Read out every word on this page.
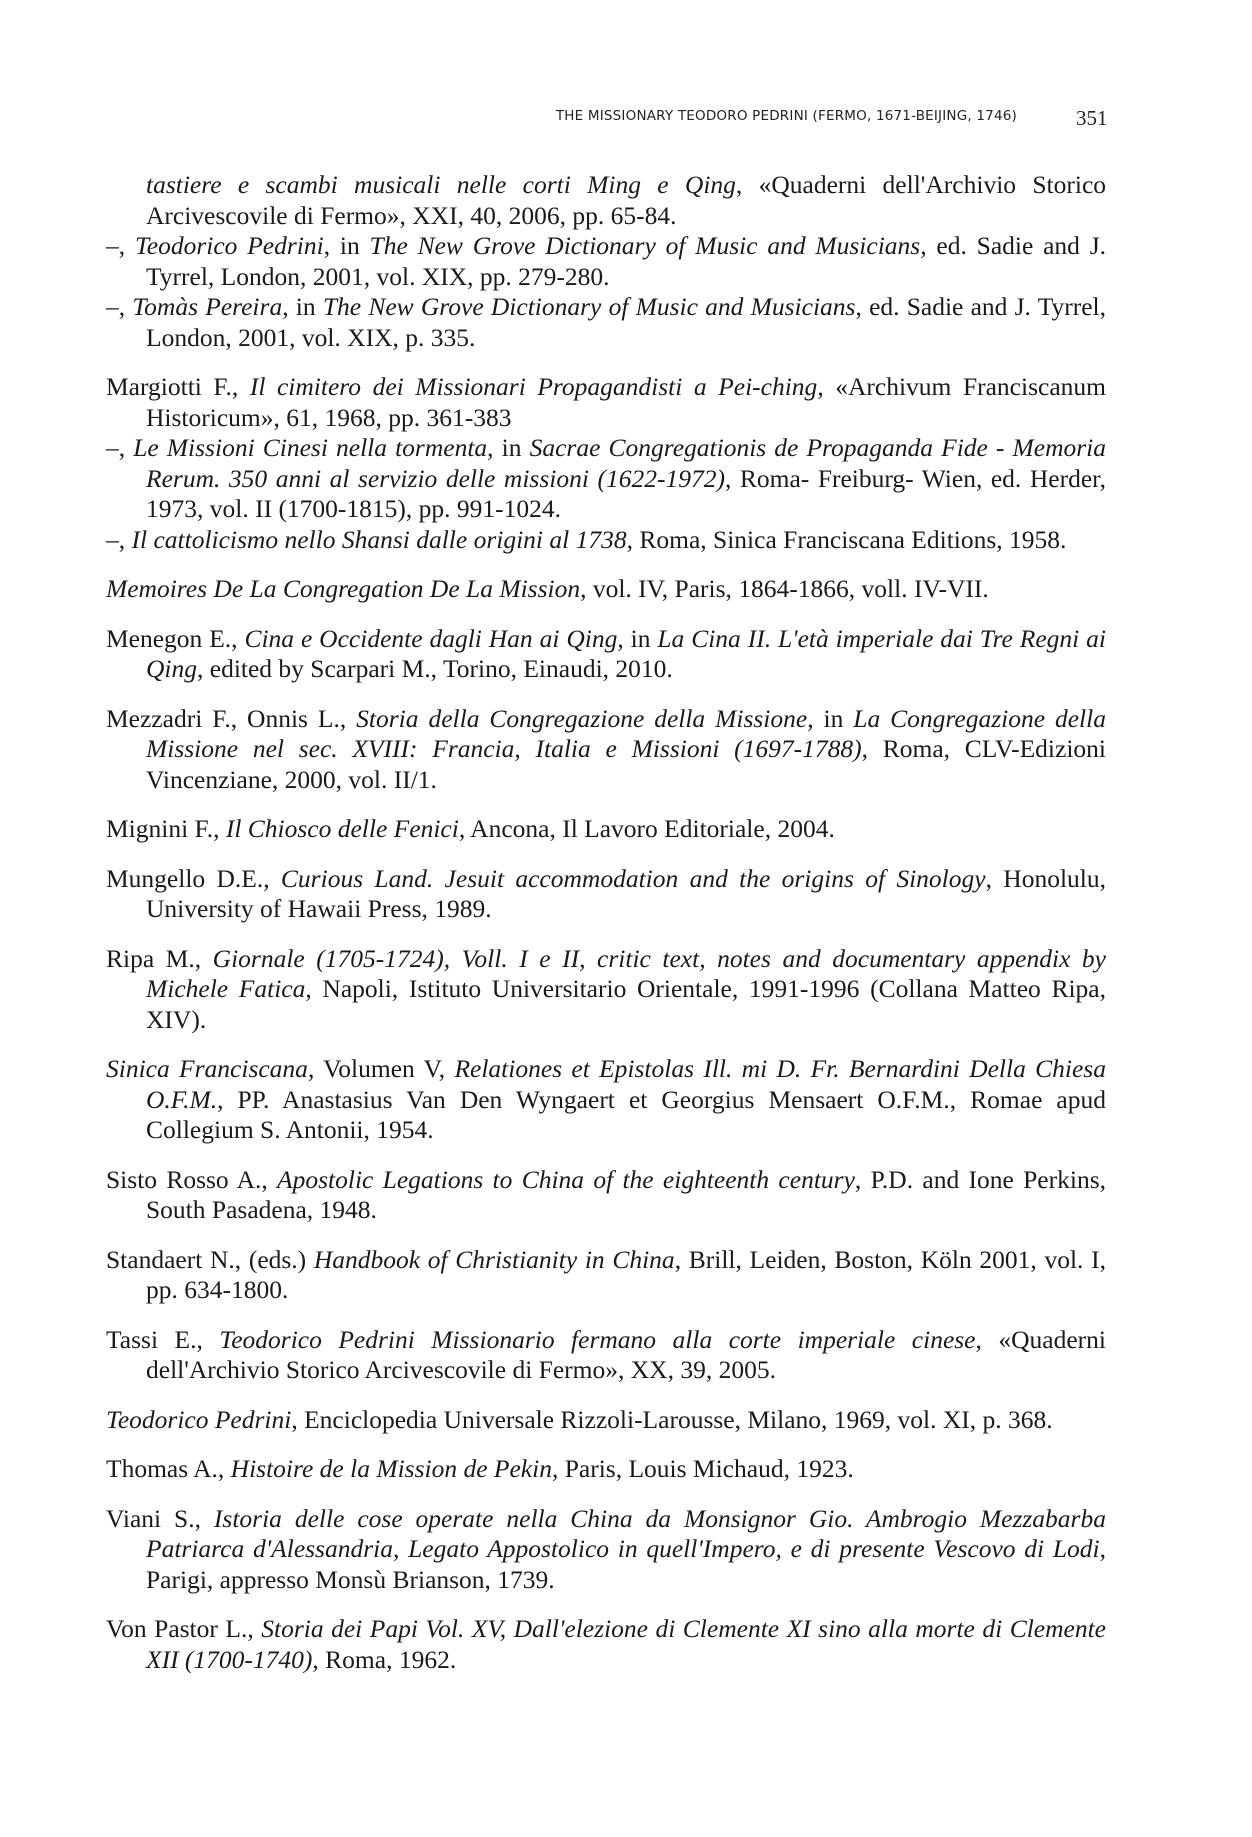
THE MISSIONARY TEODORO PEDRINI (FERMO, 1671-BEIJING, 1746)	351

tastiere e scambi musicali nelle corti Ming e Qing, «Quaderni dell'Archivio Storico Arcivescovile di Fermo», XXI, 40, 2006, pp. 65-84.

–, Teodorico Pedrini, in The New Grove Dictionary of Music and Musicians, ed. Sadie and J. Tyrrel, London, 2001, vol. XIX, pp. 279-280.

–, Tomàs Pereira, in The New Grove Dictionary of Music and Musicians, ed. Sadie and J. Tyrrel, London, 2001, vol. XIX, p. 335.

Margiotti F., Il cimitero dei Missionari Propagandisti a Pei-ching, «Archivum Franciscanum Historicum», 61, 1968, pp. 361-383

–, Le Missioni Cinesi nella tormenta, in Sacrae Congregationis de Propaganda Fide - Memoria Rerum. 350 anni al servizio delle missioni (1622-1972), Roma- Freiburg- Wien, ed. Herder, 1973, vol. II (1700-1815), pp. 991-1024.

–, Il cattolicismo nello Shansi dalle origini al 1738, Roma, Sinica Franciscana Editions, 1958.

Memoires De La Congregation De La Mission, vol. IV, Paris, 1864-1866, voll. IV-VII.

Menegon E., Cina e Occidente dagli Han ai Qing, in La Cina II. L'età imperiale dai Tre Regni ai Qing, edited by Scarpari M., Torino, Einaudi, 2010.

Mezzadri F., Onnis L., Storia della Congregazione della Missione, in La Congregazione della Missione nel sec. XVIII: Francia, Italia e Missioni (1697-1788), Roma, CLV-Edizioni Vincenziane, 2000, vol. II/1.

Mignini F., Il Chiosco delle Fenici, Ancona, Il Lavoro Editoriale, 2004.

Mungello D.E., Curious Land. Jesuit accommodation and the origins of Sinology, Honolulu, University of Hawaii Press, 1989.

Ripa M., Giornale (1705-1724), Voll. I e II, critic text, notes and documentary appendix by Michele Fatica, Napoli, Istituto Universitario Orientale, 1991-1996 (Collana Matteo Ripa, XIV).

Sinica Franciscana, Volumen V, Relationes et Epistolas Ill. mi D. Fr. Bernardini Della Chiesa O.F.M., PP. Anastasius Van Den Wyngaert et Georgius Mensaert O.F.M., Romae apud Collegium S. Antonii, 1954.

Sisto Rosso A., Apostolic Legations to China of the eighteenth century, P.D. and Ione Perkins, South Pasadena, 1948.

Standaert N., (eds.) Handbook of Christianity in China, Brill, Leiden, Boston, Köln 2001, vol. I, pp. 634-1800.

Tassi E., Teodorico Pedrini Missionario fermano alla corte imperiale cinese, «Quaderni dell'Archivio Storico Arcivescovile di Fermo», XX, 39, 2005.

Teodorico Pedrini, Enciclopedia Universale Rizzoli-Larousse, Milano, 1969, vol. XI, p. 368.

Thomas A., Histoire de la Mission de Pekin, Paris, Louis Michaud, 1923.

Viani S., Istoria delle cose operate nella China da Monsignor Gio. Ambrogio Mezzabarba Patriarca d'Alessandria, Legato Appostolico in quell'Impero, e di presente Vescovo di Lodi, Parigi, appresso Monsù Brianson, 1739.

Von Pastor L., Storia dei Papi Vol. XV, Dall'elezione di Clemente XI sino alla morte di Clemente XII (1700-1740), Roma, 1962.
